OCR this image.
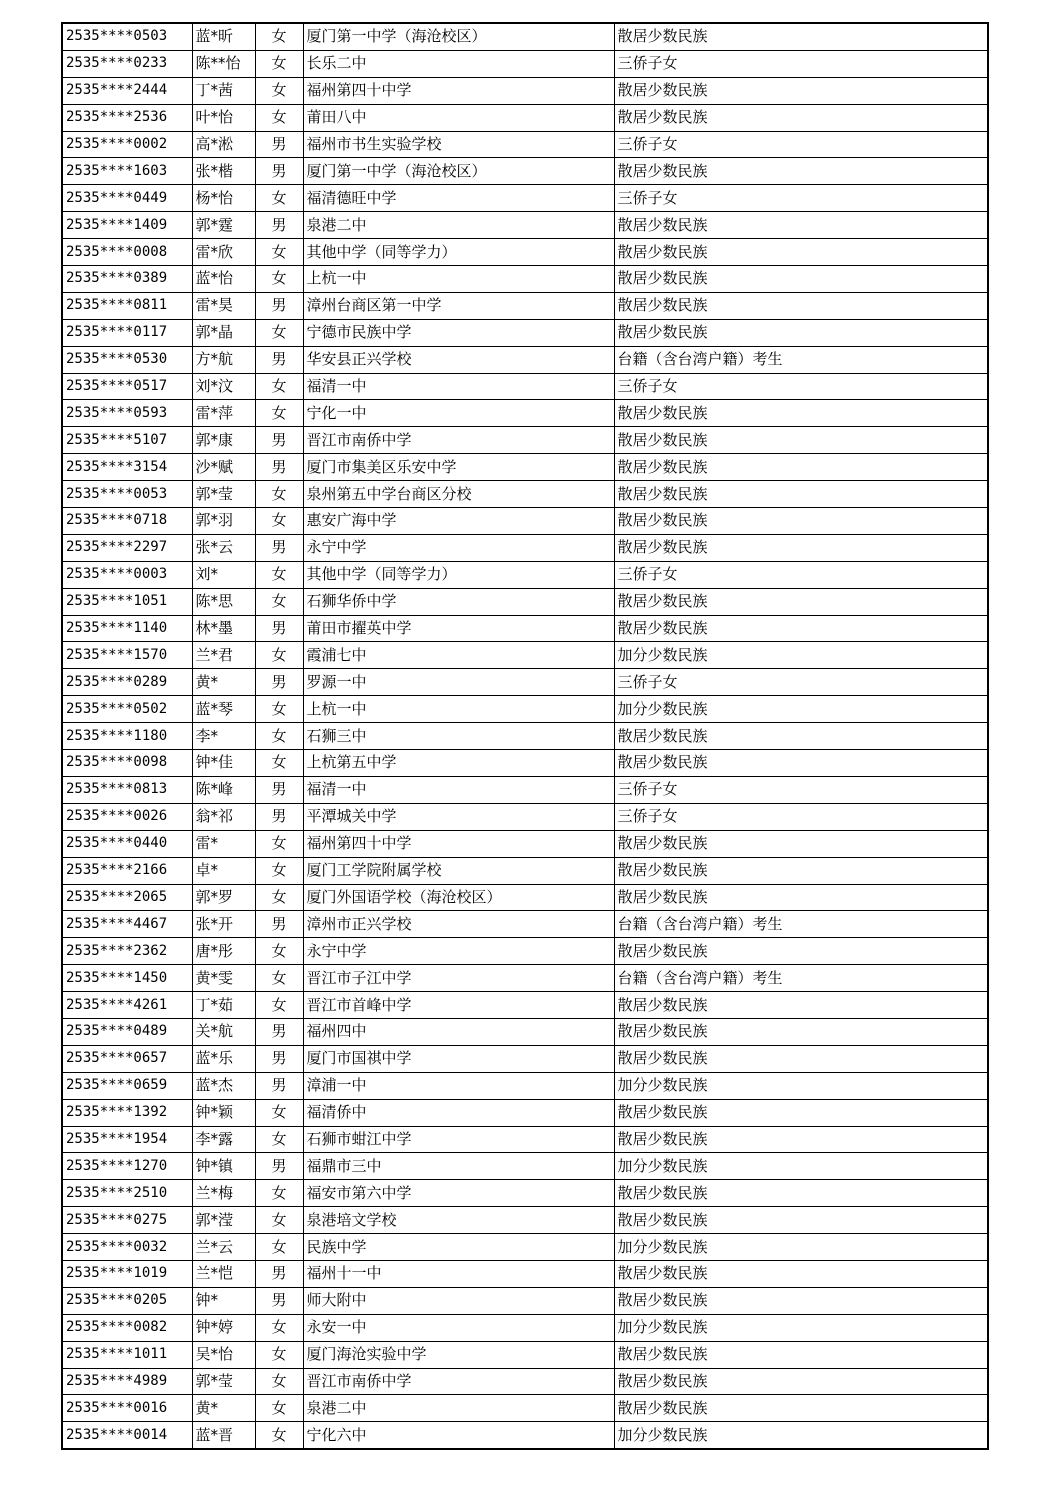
2535****0503	蓝*昕	女	厦门第一中学（海沧校区）	散居少数民族
2535****0233	陈**怡	女	长乐二中	三侨子女
2535****2444	丁*茜	女	福州第四十中学	散居少数民族
2535****2536	叶*怡	女	莆田八中	散居少数民族
2535****0002	高*淞	男	福州市书生实验学校	三侨子女
2535****1603	张*楷	男	厦门第一中学（海沧校区）	散居少数民族
2535****0449	杨*怡	女	福清德旺中学	三侨子女
2535****1409	郭*霆	男	泉港二中	散居少数民族
2535****0008	雷*欣	女	其他中学（同等学力）	散居少数民族
2535****0389	蓝*怡	女	上杭一中	散居少数民族
2535****0811	雷*昊	男	漳州台商区第一中学	散居少数民族
2535****0117	郭*晶	女	宁德市民族中学	散居少数民族
2535****0530	方*航	男	华安县正兴学校	台籍（含台湾户籍）考生
2535****0517	刘*汶	女	福清一中	三侨子女
2535****0593	雷*萍	女	宁化一中	散居少数民族
2535****5107	郭*康	男	晋江市南侨中学	散居少数民族
2535****3154	沙*赋	男	厦门市集美区乐安中学	散居少数民族
2535****0053	郭*莹	女	泉州第五中学台商区分校	散居少数民族
2535****0718	郭*羽	女	惠安广海中学	散居少数民族
2535****2297	张*云	男	永宁中学	散居少数民族
2535****0003	刘*	女	其他中学（同等学力）	三侨子女
2535****1051	陈*思	女	石狮华侨中学	散居少数民族
2535****1140	林*墨	男	莆田市擢英中学	散居少数民族
2535****1570	兰*君	女	霞浦七中	加分少数民族
2535****0289	黄*	男	罗源一中	三侨子女
2535****0502	蓝*琴	女	上杭一中	加分少数民族
2535****1180	李*	女	石狮三中	散居少数民族
2535****0098	钟*佳	女	上杭第五中学	散居少数民族
2535****0813	陈*峰	男	福清一中	三侨子女
2535****0026	翁*祁	男	平潭城关中学	三侨子女
2535****0440	雷*	女	福州第四十中学	散居少数民族
2535****2166	卓*	女	厦门工学院附属学校	散居少数民族
2535****2065	郭*罗	女	厦门外国语学校（海沧校区）	散居少数民族
2535****4467	张*开	男	漳州市正兴学校	台籍（含台湾户籍）考生
2535****2362	唐*彤	女	永宁中学	散居少数民族
2535****1450	黄*雯	女	晋江市子江中学	台籍（含台湾户籍）考生
2535****4261	丁*茹	女	晋江市首峰中学	散居少数民族
2535****0489	关*航	男	福州四中	散居少数民族
2535****0657	蓝*乐	男	厦门市国祺中学	散居少数民族
2535****0659	蓝*杰	男	漳浦一中	加分少数民族
2535****1392	钟*颖	女	福清侨中	散居少数民族
2535****1954	李*露	女	石狮市蚶江中学	散居少数民族
2535****1270	钟*镇	男	福鼎市三中	加分少数民族
2535****2510	兰*梅	女	福安市第六中学	散居少数民族
2535****0275	郭*滢	女	泉港培文学校	散居少数民族
2535****0032	兰*云	女	民族中学	加分少数民族
2535****1019	兰*恺	男	福州十一中	散居少数民族
2535****0205	钟*	男	师大附中	散居少数民族
2535****0082	钟*婷	女	永安一中	加分少数民族
2535****1011	吴*怡	女	厦门海沧实验中学	散居少数民族
2535****4989	郭*莹	女	晋江市南侨中学	散居少数民族
2535****0016	黄*	女	泉港二中	散居少数民族
2535****0014	蓝*晋	女	宁化六中	加分少数民族
